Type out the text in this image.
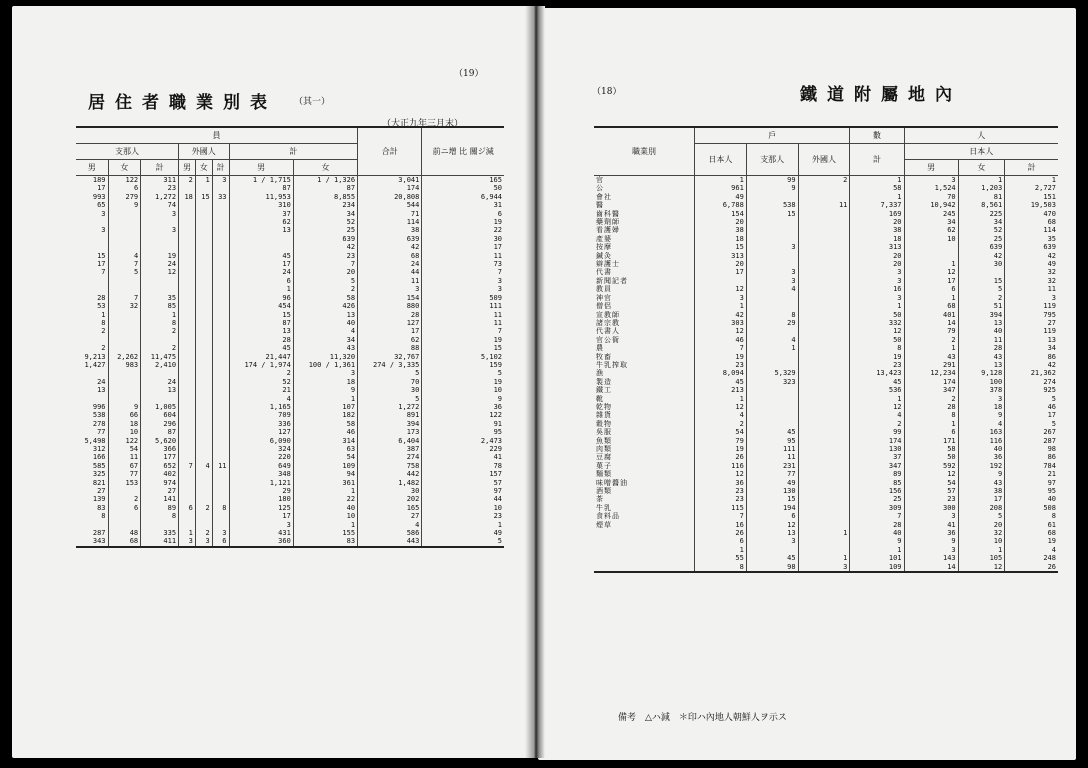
（19）
居住者職業別表 （其一）
（大正九年三月末）
員								合計	前ニ增 比 關ジ減
支那人			外國人			計			
男	女	計	男	女	計	男	女		
189	122	311	2	1	3	1 / 1,715	1 / 1,326	3,041	165
17	6	23				87	87	174	50
993	279	1,272	18	15	33	11,953	8,855	20,808	6,944
65	9	74				310	234	544	31
3		3				37	34	71	6
						62	52	114	19
3		3				13	25	38	22
							639	639	30
							42	42	17
15	4	19				45	23	68	11
17	7	24				17	7	24	73
7	5	12				24	20	44	7
						6	5	11	3
						1	2	3	3
28	7	35				96	58	154	509
53	32	85				454	426	880	111
1		1				15	13	28	11
8		8				87	40	127	11
2		2				13	4	17	7
						28	34	62	19
2		2				45	43	88	15
9,213	2,262	11,475				21,447	11,320	32,767	5,102
1,427	983	2,410				174 / 1,974	100 / 1,361	274 / 3,335	159
						2	3	5	5
24		24				52	18	70	19
13		13				21	9	30	10
						4	1	5	9
996	9	1,005				1,165	107	1,272	36
538	66	604				709	182	891	122
278	18	296				336	58	394	91
77	10	87				127	46	173	95
5,498	122	5,620				6,090	314	6,404	2,473
312	54	366				324	63	387	229
166	11	177				220	54	274	41
585	67	652	7	4	11	649	109	758	78
325	77	402				348	94	442	157
821	153	974				1,121	361	1,482	57
27		27				29	1	30	97
139	2	141				180	22	202	44
83	6	89	6	2	8	125	40	165	10
8		8				17	10	27	23
						3	1	4	1
287	48	335	1	2	3	431	155	586	49
343	68	411	3	3	6	360	83	443	5
（18）	鐵道附屬地內
職業別	戶			數	人		
	日本人	支那人	外國人	計	日本人		
					男	女	計
官	1	99	2	1	3	1	1
公	961	9		58	1,524	1,203	2,727
會社	49			1	70	81	151
醫	6,788	538	11	7,337	10,942	8,561	19,503
齒科醫	154	15		169	245	225	470
藥劑師	20			20	34	34	68
看護婦	38			38	62	52	114
產婆	18			18	10	25	35
按摩	15	3		313		639	639
鍼灸	313			20		42	42
辯護士	20			20	1	30	49
代書	17	3		3	12		32
新聞記者		3		3	17	15	32
教員	12	4		16	6	5	11
神官	3			3	1	2	3
僧侶	1			1	68	51	119
宣教師	42	8		50	401	394	795
諸宗教	303	29		332	14	13	27
代書人	12			12	79	40	119
官公衙	46	4		50	2	11	13
農	7	1		8	1	28	34
牧畜	19			19	43	43	86
牛乳搾取	23			23	291	13	42
漁	8,094	5,329		13,423	12,234	9,128	21,362
製造	45	323		45	174	100	274
鐵工	213			536	347	378	925
靴	1			1	2	3	5
乾物	12			12	28	18	46
雜貨	4			4	8	9	17
穀物	2			2	1	4	5
吳服	54	45		99	6	163	267
魚類	79	95		174	171	116	287
肉類	19	111		130	58	40	98
豆腐	26	11		37	50	36	86
菓子	116	231		347	592	192	784
麵類	12	77		89	12	9	21
味噌醬油	36	49		85	54	43	97
酒類	23	130		156	57	38	95
茶	23	15		25	23	17	40
牛乳	115	194		309	300	208	508
食料品	7	6		7	3	5	8
煙草	16	12		28	41	20	61
	26	13	1	40	36	32	68
	6	3		9	9	10	19
	1			1	3	1	4
	55	45	1	101	143	105	248
	8	98	3	109	14	12	26
備考　△ハ減　＊印ハ內地人朝鮮人ヲ示ス
